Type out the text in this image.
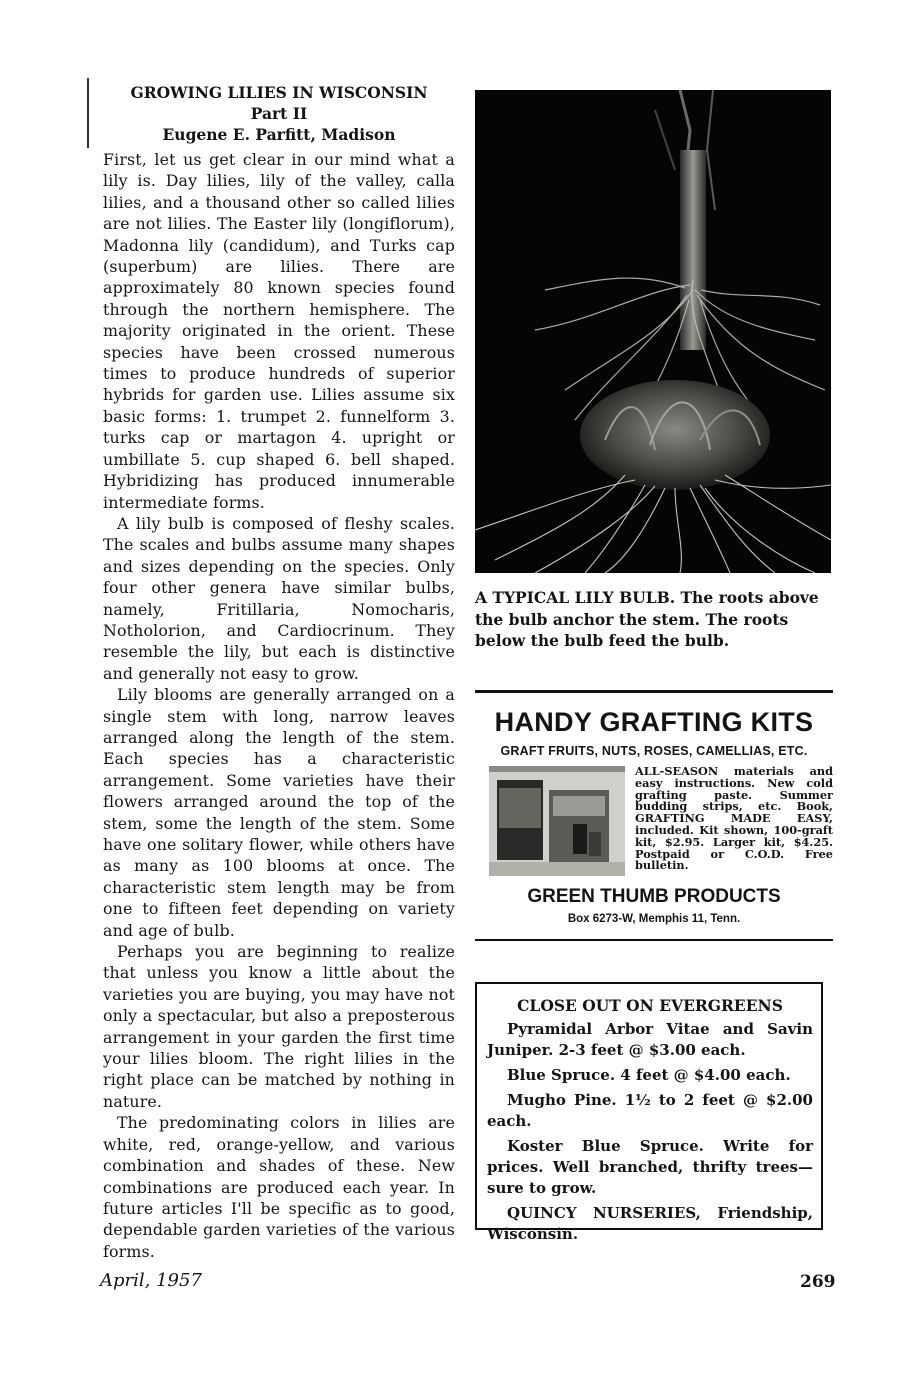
GROWING LILIES IN WISCONSIN
Part II
Eugene E. Parfitt, Madison

First, let us get clear in our mind what a lily is. Day lilies, lily of the valley, calla lilies, and a thousand other so called lilies are not lilies. The Easter lily (longiflorum), Madonna lily (candidum), and Turks cap (superbum) are lilies. There are approximately 80 known species found through the northern hemisphere. The majority originated in the orient. These species have been crossed numerous times to produce hundreds of superior hybrids for garden use. Lilies assume six basic forms: 1. trumpet 2. funnelform 3. turks cap or martagon 4. upright or umbillate 5. cup shaped 6. bell shaped. Hybridizing has produced innumerable intermediate forms.

A lily bulb is composed of fleshy scales. The scales and bulbs assume many shapes and sizes depending on the species. Only four other genera have similar bulbs, namely, Fritillaria, Nomocharis, Notholorion, and Cardiocrinum. They resemble the lily, but each is distinctive and generally not easy to grow.

Lily blooms are generally arranged on a single stem with long, narrow leaves arranged along the length of the stem. Each species has a characteristic arrangement. Some varieties have their flowers arranged around the top of the stem, some the length of the stem. Some have one solitary flower, while others have as many as 100 blooms at once. The characteristic stem length may be from one to fifteen feet depending on variety and age of bulb.

Perhaps you are beginning to realize that unless you know a little about the varieties you are buying, you may have not only a spectacular, but also a preposterous arrangement in your garden the first time your lilies bloom. The right lilies in the right place can be matched by nothing in nature.

The predominating colors in lilies are white, red, orange-yellow, and various combination and shades of these. New combinations are produced each year. In future articles I'll be specific as to good, dependable garden varieties of the various forms.

A TYPICAL LILY BULB. The roots above the bulb anchor the stem. The roots below the bulb feed the bulb.
HANDY GRAFTING KITS
GRAFT FRUITS, NUTS, ROSES, CAMELLIAS, ETC.
ALL-SEASON materials and easy instructions. New cold grafting paste. Summer budding strips, etc. Book, GRAFTING MADE EASY, included. Kit shown, 100-graft kit, $2.95. Larger kit, $4.25. Postpaid or C.O.D. Free bulletin.
GREEN THUMB PRODUCTS
Box 6273-W, Memphis 11, Tenn.
CLOSE OUT ON EVERGREENS

Pyramidal Arbor Vitae and Savin Juniper. 2-3 feet @ $3.00 each.

Blue Spruce. 4 feet @ $4.00 each.

Mugho Pine. 1½ to 2 feet @ $2.00 each.

Koster Blue Spruce. Write for prices. Well branched, thrifty trees—sure to grow.

QUINCY NURSERIES, Friendship, Wisconsin.

April, 1957	269
